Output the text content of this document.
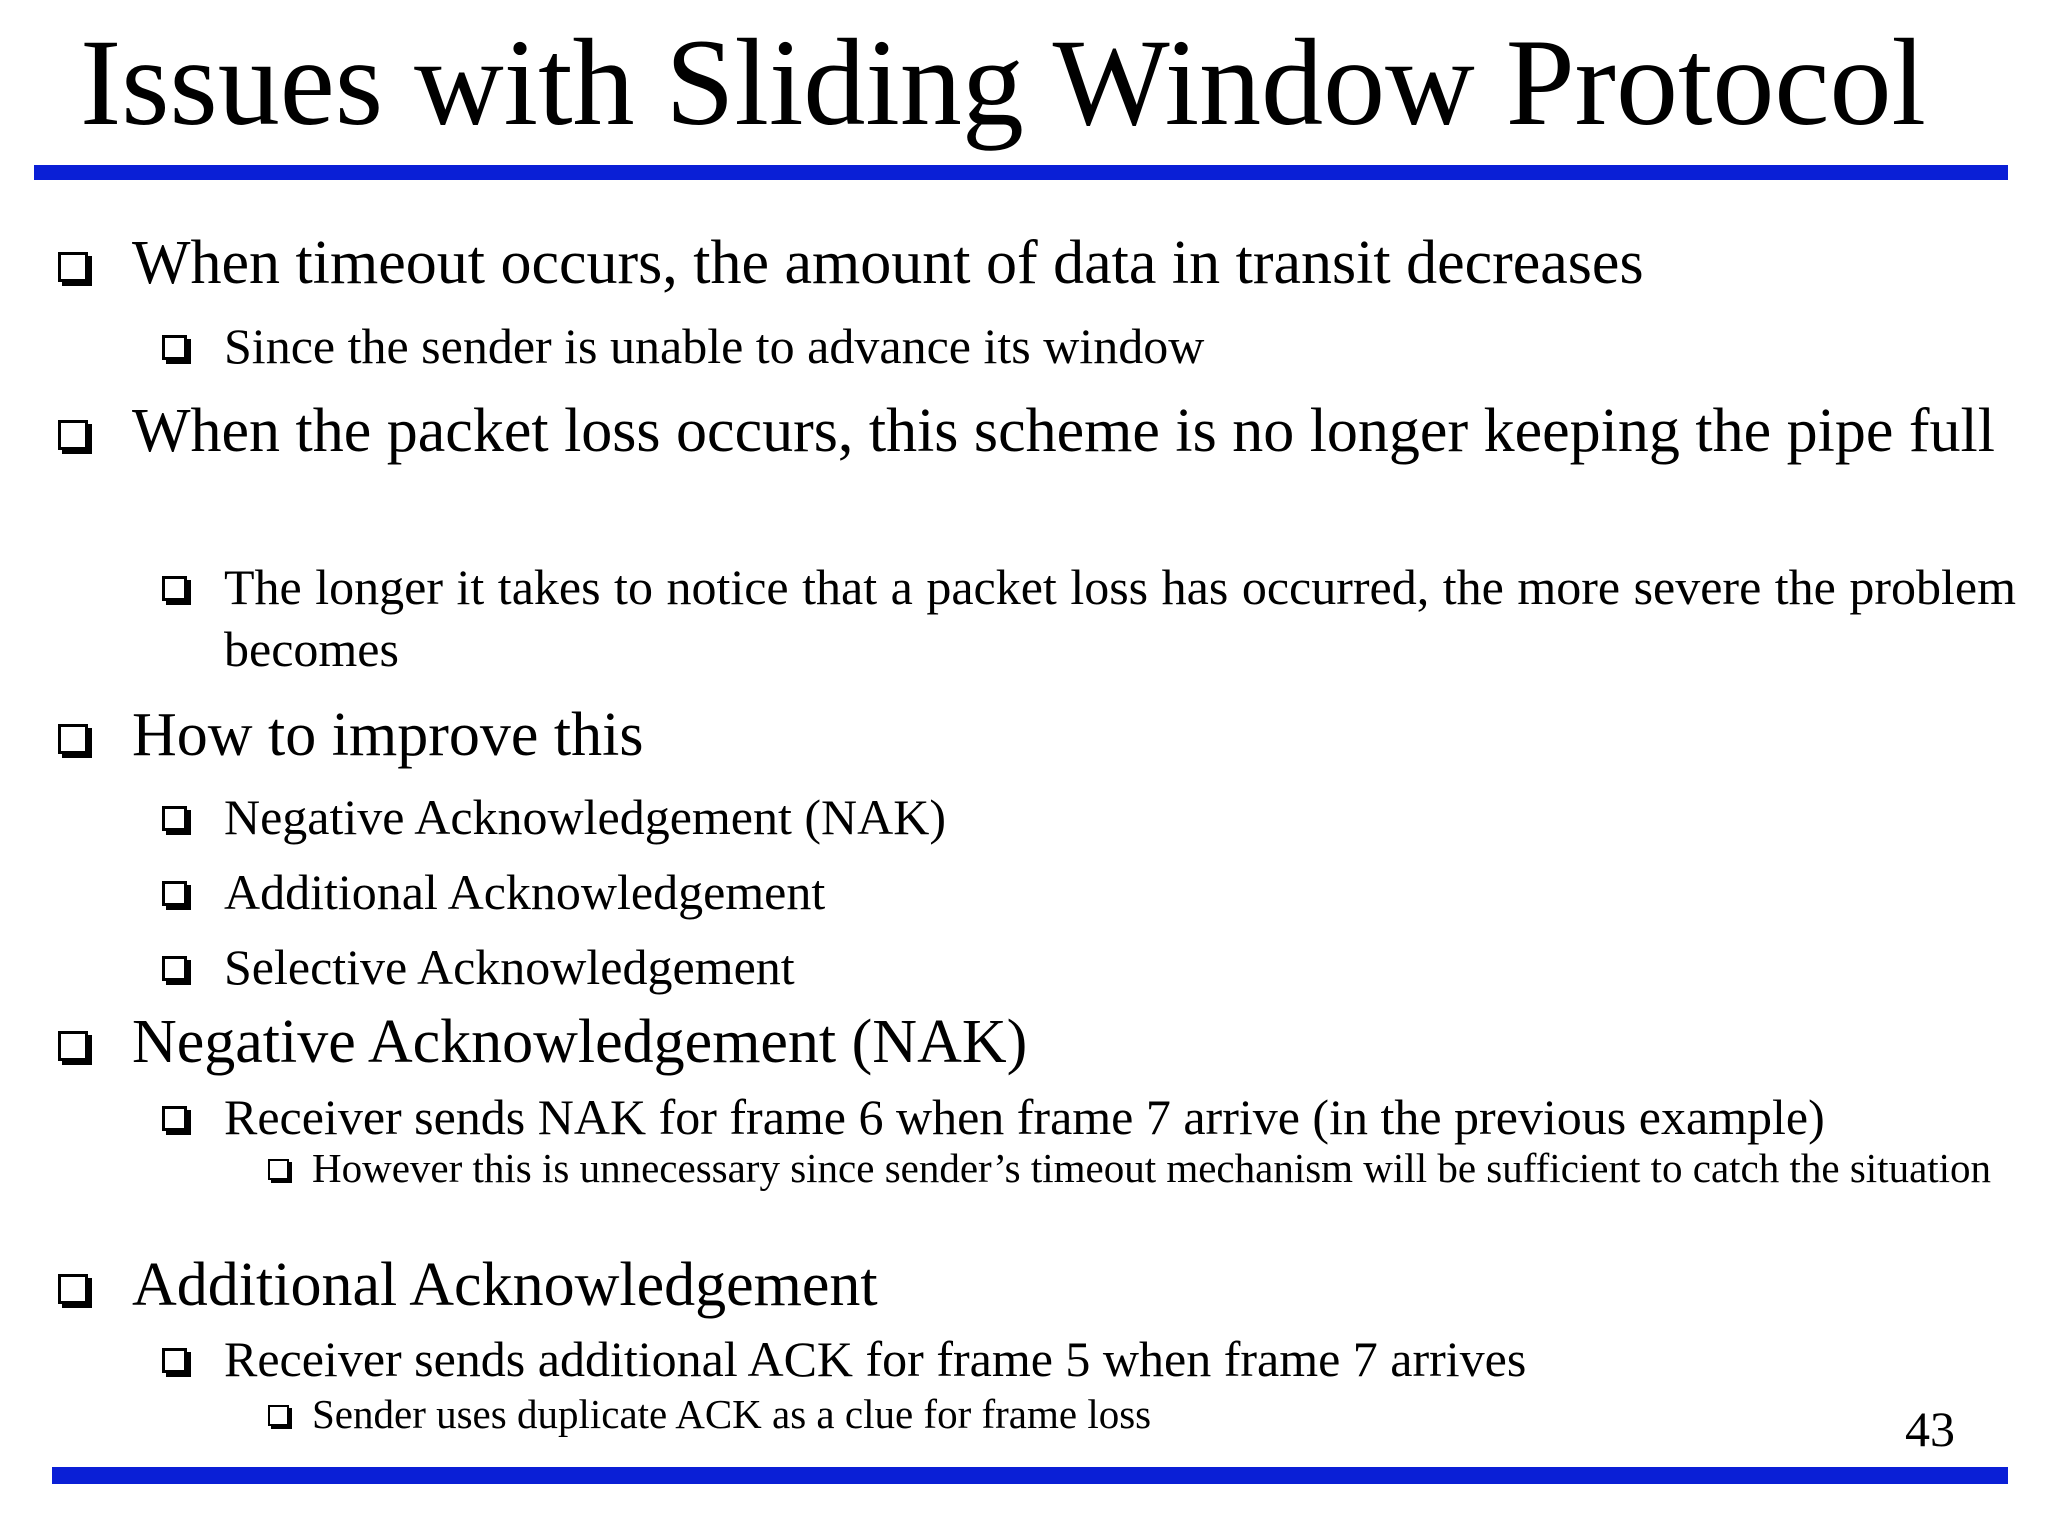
Issues with Sliding Window Protocol
When timeout occurs, the amount of data in transit decreases
Since the sender is unable to advance its window
When the packet loss occurs, this scheme is no longer keeping the pipe full
The longer it takes to notice that a packet loss has occurred, the more severe the problem becomes
How to improve this
Negative Acknowledgement (NAK)
Additional Acknowledgement
Selective Acknowledgement
Negative Acknowledgement (NAK)
Receiver sends NAK for frame 6 when frame 7 arrive (in the previous example)
However this is unnecessary since sender’s timeout mechanism will be sufficient to catch the situation
Additional Acknowledgement
Receiver sends additional ACK for frame 5 when frame 7 arrives
Sender uses duplicate ACK as a clue for frame loss	43
